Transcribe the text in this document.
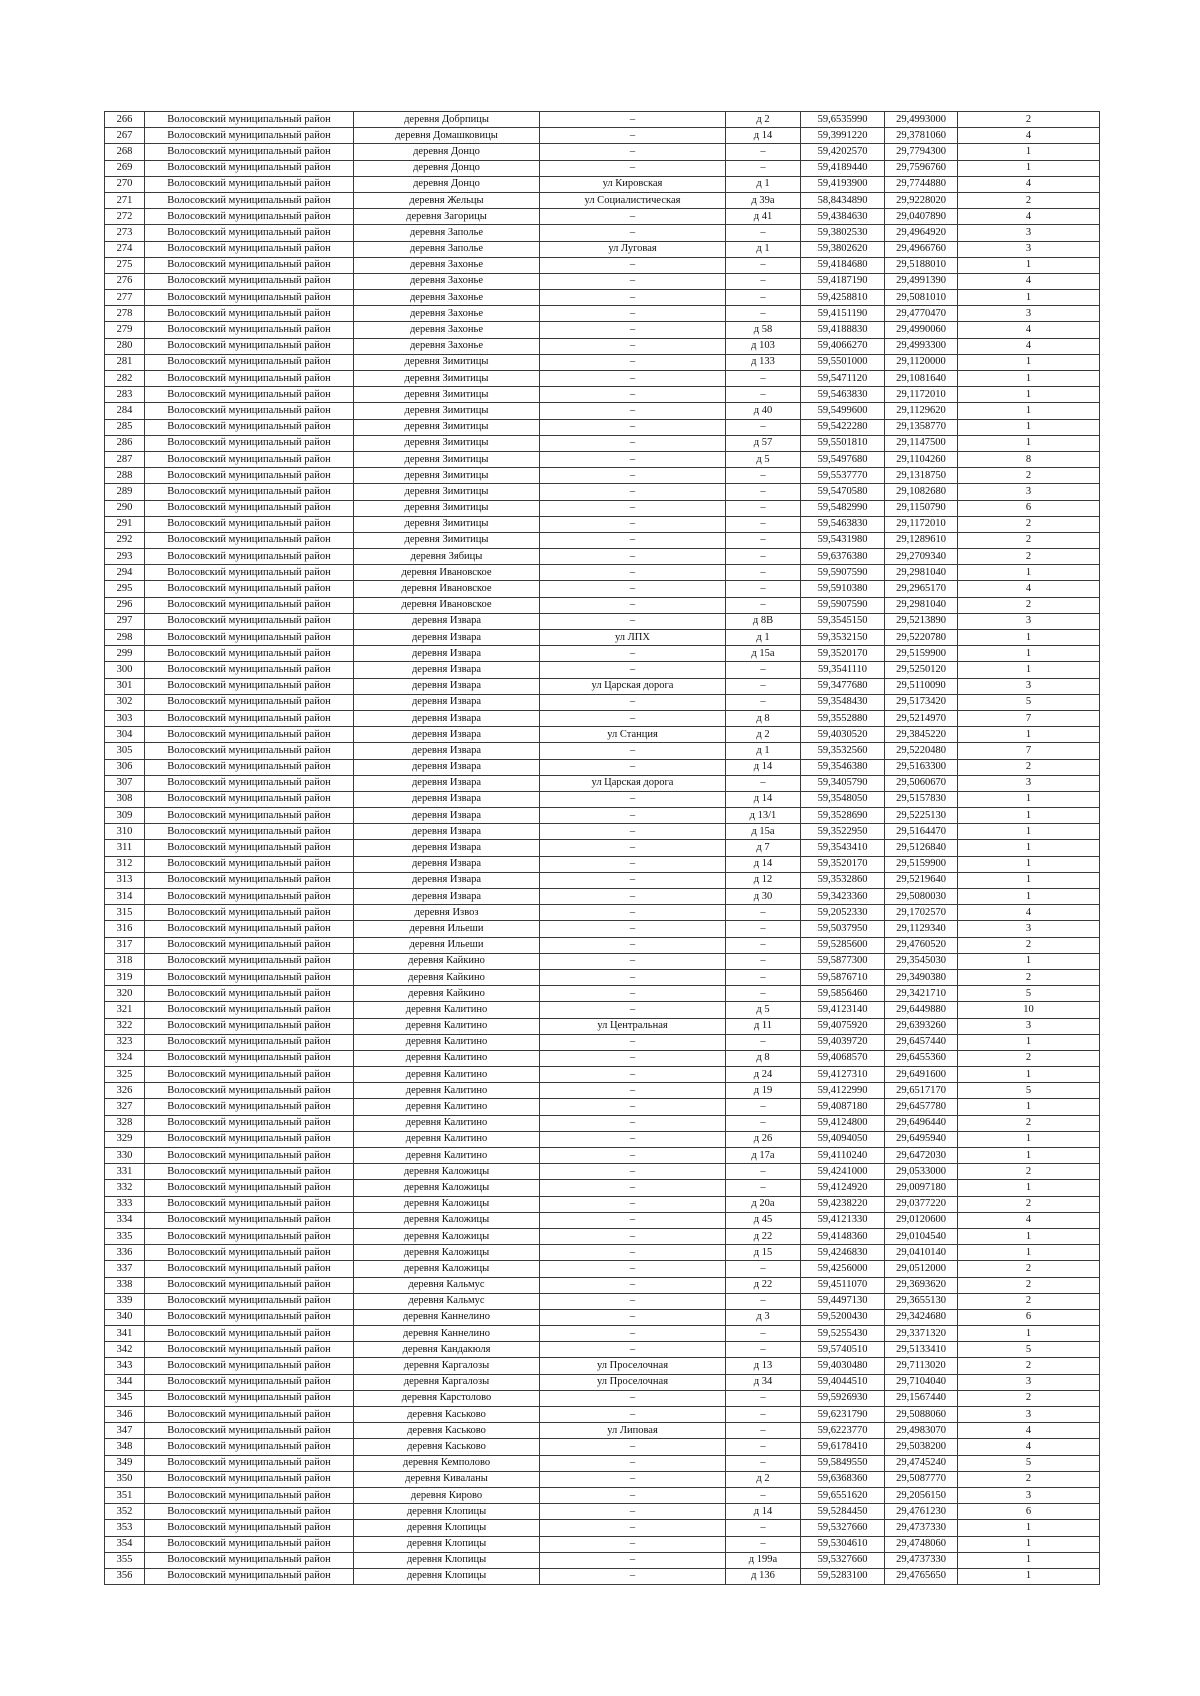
266	Волосовский муниципальный район	деревня Добрпицы	–	д 2	59,6535990	29,4993000	2
267	Волосовский муниципальный район	деревня Домашковицы	–	д 14	59,3991220	29,3781060	4
268	Волосовский муниципальный район	деревня Донцо	–	–	59,4202570	29,7794300	1
269	Волосовский муниципальный район	деревня Донцо	–	–	59,4189440	29,7596760	1
270	Волосовский муниципальный район	деревня Донцо	ул Кировская	д 1	59,4193900	29,7744880	4
271	Волосовский муниципальный район	деревня Жельцы	ул Социалистическая	д 39а	58,8434890	29,9228020	2
272	Волосовский муниципальный район	деревня Загорицы	–	д 41	59,4384630	29,0407890	4
273	Волосовский муниципальный район	деревня Заполье	–	–	59,3802530	29,4964920	3
274	Волосовский муниципальный район	деревня Заполье	ул Луговая	д 1	59,3802620	29,4966760	3
275	Волосовский муниципальный район	деревня Захонье	–	–	59,4184680	29,5188010	1
276	Волосовский муниципальный район	деревня Захонье	–	–	59,4187190	29,4991390	4
277	Волосовский муниципальный район	деревня Захонье	–	–	59,4258810	29,5081010	1
278	Волосовский муниципальный район	деревня Захонье	–	–	59,4151190	29,4770470	3
279	Волосовский муниципальный район	деревня Захонье	–	д 58	59,4188830	29,4990060	4
280	Волосовский муниципальный район	деревня Захонье	–	д 103	59,4066270	29,4993300	4
281	Волосовский муниципальный район	деревня Зимитицы	–	д 133	59,5501000	29,1120000	1
282	Волосовский муниципальный район	деревня Зимитицы	–	–	59,5471120	29,1081640	1
283	Волосовский муниципальный район	деревня Зимитицы	–	–	59,5463830	29,1172010	1
284	Волосовский муниципальный район	деревня Зимитицы	–	д 40	59,5499600	29,1129620	1
285	Волосовский муниципальный район	деревня Зимитицы	–	–	59,5422280	29,1358770	1
286	Волосовский муниципальный район	деревня Зимитицы	–	д 57	59,5501810	29,1147500	1
287	Волосовский муниципальный район	деревня Зимитицы	–	д 5	59,5497680	29,1104260	8
288	Волосовский муниципальный район	деревня Зимитицы	–	–	59,5537770	29,1318750	2
289	Волосовский муниципальный район	деревня Зимитицы	–	–	59,5470580	29,1082680	3
290	Волосовский муниципальный район	деревня Зимитицы	–	–	59,5482990	29,1150790	6
291	Волосовский муниципальный район	деревня Зимитицы	–	–	59,5463830	29,1172010	2
292	Волосовский муниципальный район	деревня Зимитицы	–	–	59,5431980	29,1289610	2
293	Волосовский муниципальный район	деревня Зябицы	–	–	59,6376380	29,2709340	2
294	Волосовский муниципальный район	деревня Ивановское	–	–	59,5907590	29,2981040	1
295	Волосовский муниципальный район	деревня Ивановское	–	–	59,5910380	29,2965170	4
296	Волосовский муниципальный район	деревня Ивановское	–	–	59,5907590	29,2981040	2
297	Волосовский муниципальный район	деревня Извара	–	д 8В	59,3545150	29,5213890	3
298	Волосовский муниципальный район	деревня Извара	ул ЛПХ	д 1	59,3532150	29,5220780	1
299	Волосовский муниципальный район	деревня Извара	–	д 15а	59,3520170	29,5159900	1
300	Волосовский муниципальный район	деревня Извара	–	–	59,3541110	29,5250120	1
301	Волосовский муниципальный район	деревня Извара	ул Царская дорога	–	59,3477680	29,5110090	3
302	Волосовский муниципальный район	деревня Извара	–	–	59,3548430	29,5173420	5
303	Волосовский муниципальный район	деревня Извара	–	д 8	59,3552880	29,5214970	7
304	Волосовский муниципальный район	деревня Извара	ул Станция	д 2	59,4030520	29,3845220	1
305	Волосовский муниципальный район	деревня Извара	–	д 1	59,3532560	29,5220480	7
306	Волосовский муниципальный район	деревня Извара	–	д 14	59,3546380	29,5163300	2
307	Волосовский муниципальный район	деревня Извара	ул Царская дорога	–	59,3405790	29,5060670	3
308	Волосовский муниципальный район	деревня Извара	–	д 14	59,3548050	29,5157830	1
309	Волосовский муниципальный район	деревня Извара	–	д 13/1	59,3528690	29,5225130	1
310	Волосовский муниципальный район	деревня Извара	–	д 15а	59,3522950	29,5164470	1
311	Волосовский муниципальный район	деревня Извара	–	д 7	59,3543410	29,5126840	1
312	Волосовский муниципальный район	деревня Извара	–	д 14	59,3520170	29,5159900	1
313	Волосовский муниципальный район	деревня Извара	–	д 12	59,3532860	29,5219640	1
314	Волосовский муниципальный район	деревня Извара	–	д 30	59,3423360	29,5080030	1
315	Волосовский муниципальный район	деревня Извоз	–	–	59,2052330	29,1702570	4
316	Волосовский муниципальный район	деревня Ильеши	–	–	59,5037950	29,1129340	3
317	Волосовский муниципальный район	деревня Ильеши	–	–	59,5285600	29,4760520	2
318	Волосовский муниципальный район	деревня Кайкино	–	–	59,5877300	29,3545030	1
319	Волосовский муниципальный район	деревня Кайкино	–	–	59,5876710	29,3490380	2
320	Волосовский муниципальный район	деревня Кайкино	–	–	59,5856460	29,3421710	5
321	Волосовский муниципальный район	деревня Калитино	–	д 5	59,4123140	29,6449880	10
322	Волосовский муниципальный район	деревня Калитино	ул Центральная	д 11	59,4075920	29,6393260	3
323	Волосовский муниципальный район	деревня Калитино	–	–	59,4039720	29,6457440	1
324	Волосовский муниципальный район	деревня Калитино	–	д 8	59,4068570	29,6455360	2
325	Волосовский муниципальный район	деревня Калитино	–	д 24	59,4127310	29,6491600	1
326	Волосовский муниципальный район	деревня Калитино	–	д 19	59,4122990	29,6517170	5
327	Волосовский муниципальный район	деревня Калитино	–	–	59,4087180	29,6457780	1
328	Волосовский муниципальный район	деревня Калитино	–	–	59,4124800	29,6496440	2
329	Волосовский муниципальный район	деревня Калитино	–	д 26	59,4094050	29,6495940	1
330	Волосовский муниципальный район	деревня Калитино	–	д 17а	59,4110240	29,6472030	1
331	Волосовский муниципальный район	деревня Каложицы	–	–	59,4241000	29,0533000	2
332	Волосовский муниципальный район	деревня Каложицы	–	–	59,4124920	29,0097180	1
333	Волосовский муниципальный район	деревня Каложицы	–	д 20а	59,4238220	29,0377220	2
334	Волосовский муниципальный район	деревня Каложицы	–	д 45	59,4121330	29,0120600	4
335	Волосовский муниципальный район	деревня Каложицы	–	д 22	59,4148360	29,0104540	1
336	Волосовский муниципальный район	деревня Каложицы	–	д 15	59,4246830	29,0410140	1
337	Волосовский муниципальный район	деревня Каложицы	–	–	59,4256000	29,0512000	2
338	Волосовский муниципальный район	деревня Кальмус	–	д 22	59,4511070	29,3693620	2
339	Волосовский муниципальный район	деревня Кальмус	–	–	59,4497130	29,3655130	2
340	Волосовский муниципальный район	деревня Каннелино	–	д 3	59,5200430	29,3424680	6
341	Волосовский муниципальный район	деревня Каннелино	–	–	59,5255430	29,3371320	1
342	Волосовский муниципальный район	деревня Кандакюля	–	–	59,5740510	29,5133410	5
343	Волосовский муниципальный район	деревня Каргалозы	ул Проселочная	д 13	59,4030480	29,7113020	2
344	Волосовский муниципальный район	деревня Каргалозы	ул Проселочная	д 34	59,4044510	29,7104040	3
345	Волосовский муниципальный район	деревня Карстолово	–	–	59,5926930	29,1567440	2
346	Волосовский муниципальный район	деревня Каськово	–	–	59,6231790	29,5088060	3
347	Волосовский муниципальный район	деревня Каськово	ул Липовая	–	59,6223770	29,4983070	4
348	Волосовский муниципальный район	деревня Каськово	–	–	59,6178410	29,5038200	4
349	Волосовский муниципальный район	деревня Кемполово	–	–	59,5849550	29,4745240	5
350	Волосовский муниципальный район	деревня Киваланы	–	д 2	59,6368360	29,5087770	2
351	Волосовский муниципальный район	деревня Кирово	–	–	59,6551620	29,2056150	3
352	Волосовский муниципальный район	деревня Клопицы	–	д 14	59,5284450	29,4761230	6
353	Волосовский муниципальный район	деревня Клопицы	–	–	59,5327660	29,4737330	1
354	Волосовский муниципальный район	деревня Клопицы	–	–	59,5304610	29,4748060	1
355	Волосовский муниципальный район	деревня Клопицы	–	д 199а	59,5327660	29,4737330	1
356	Волосовский муниципальный район	деревня Клопицы	–	д 136	59,5283100	29,4765650	1
